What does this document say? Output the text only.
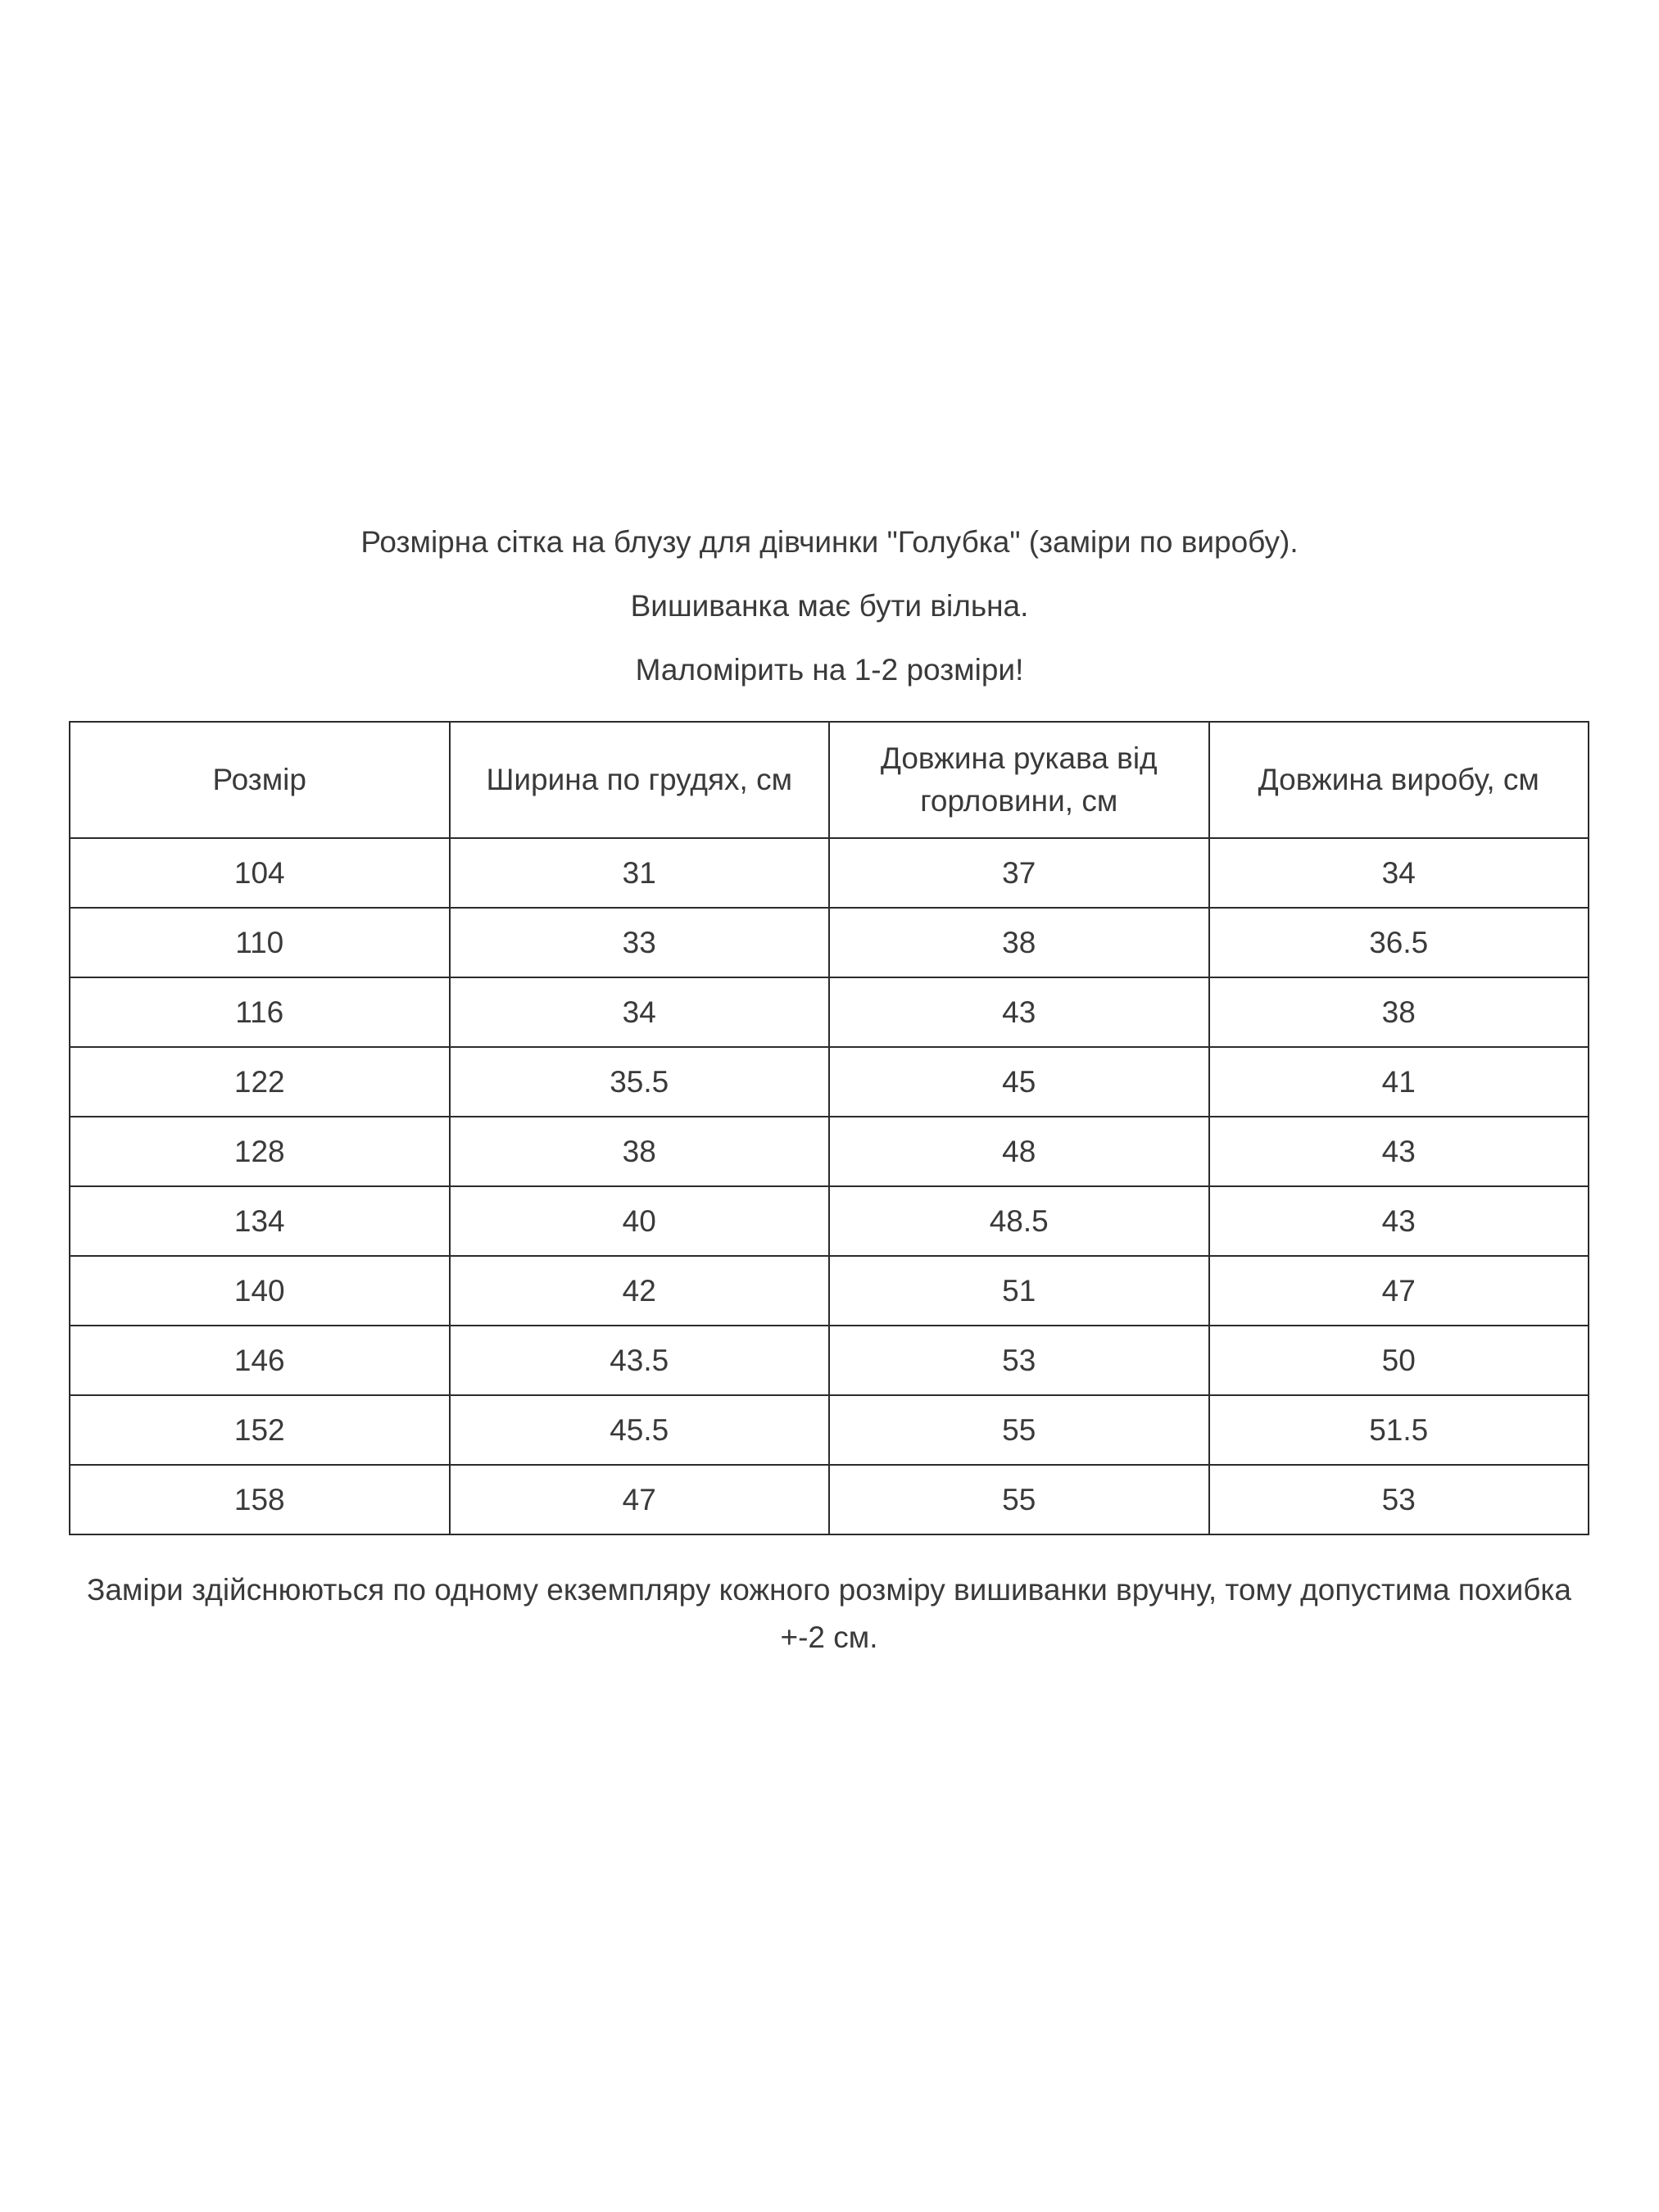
Розмірна сітка на блузу для дівчинки "Голубка" (заміри по виробу).

Вишиванка має бути вільна.

Маломірить на 1-2 розміри!

Розмір	Ширина по грудях, см	Довжина рукава від горловини, см	Довжина виробу, см
104	31	37	34
110	33	38	36.5
116	34	43	38
122	35.5	45	41
128	38	48	43
134	40	48.5	43
140	42	51	47
146	43.5	53	50
152	45.5	55	51.5
158	47	55	53
Заміри здійснюються по одному екземпляру кожного розміру вишиванки вручну, тому допустима похибка +-2 см.
